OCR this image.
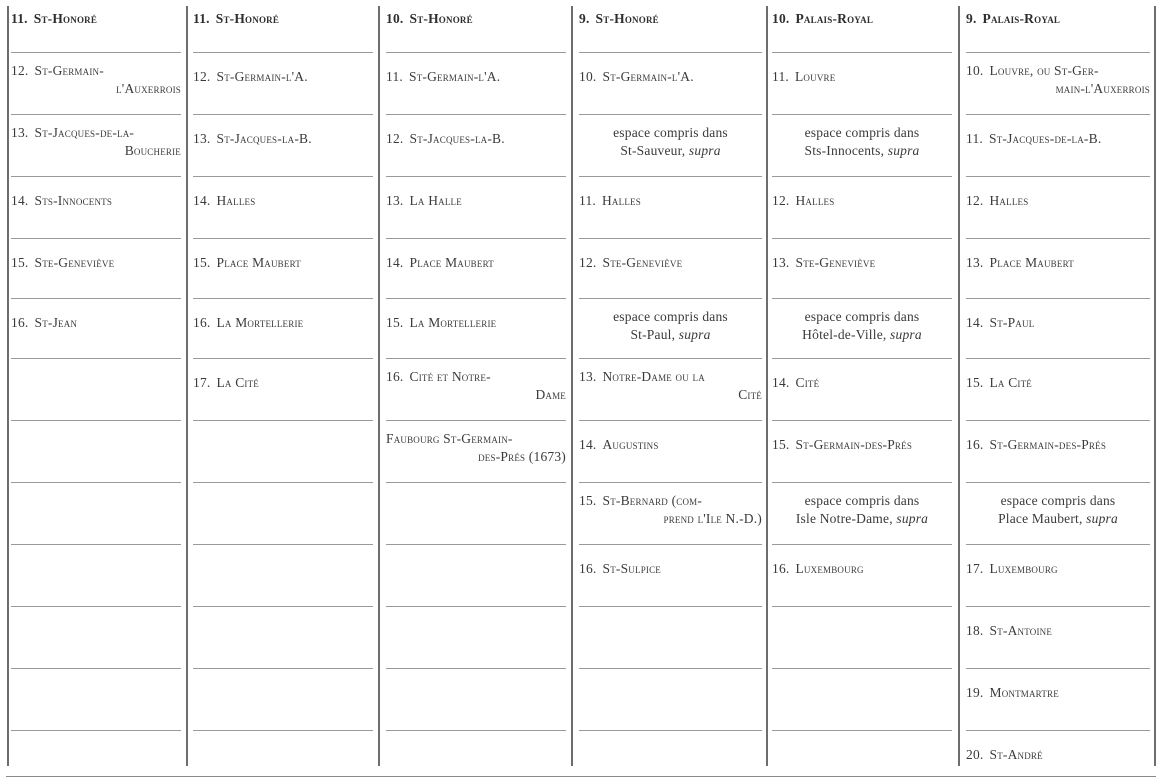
11. St-Honoré
12. St-Germain-
l'Auxerrois
13. St-Jacques-de-la-
Boucherie
14. Sts-Innocents
15. Ste-Geneviève
16. St-Jean
11. St-Honoré
12. St-Germain-l'A.
13. St-Jacques-la-B.
14. Halles
15. Place Maubert
16. La Mortellerie
17. La Cité
10. St-Honoré
11. St-Germain-l'A.
12. St-Jacques-la-B.
13. La Halle
14. Place Maubert
15. La Mortellerie
16. Cité et Notre-
Dame
Faubourg St-Germain-
des-Prés (1673)
9. St-Honoré
10. St-Germain-l'A.
espace compris dans
St-Sauveur, supra
11. Halles
12. Ste-Geneviève
espace compris dans
St-Paul, supra
13. Notre-Dame ou la
Cité
14. Augustins
15. St-Bernard (com-
prend l'Ile N.-D.)
16. St-Sulpice
10. Palais-Royal
11. Louvre
espace compris dans
Sts-Innocents, supra
12. Halles
13. Ste-Geneviève
espace compris dans
Hôtel-de-Ville, supra
14. Cité
15. St-Germain-des-Prés
espace compris dans
Isle Notre-Dame, supra
16. Luxembourg
9. Palais-Royal
10. Louvre, ou St-Ger-
main-l'Auxerrois
11. St-Jacques-de-la-B.
12. Halles
13. Place Maubert
14. St-Paul
15. La Cité
16. St-Germain-des-Prés
espace compris dans
Place Maubert, supra
17. Luxembourg
18. St-Antoine
19. Montmartre
20. St-André
